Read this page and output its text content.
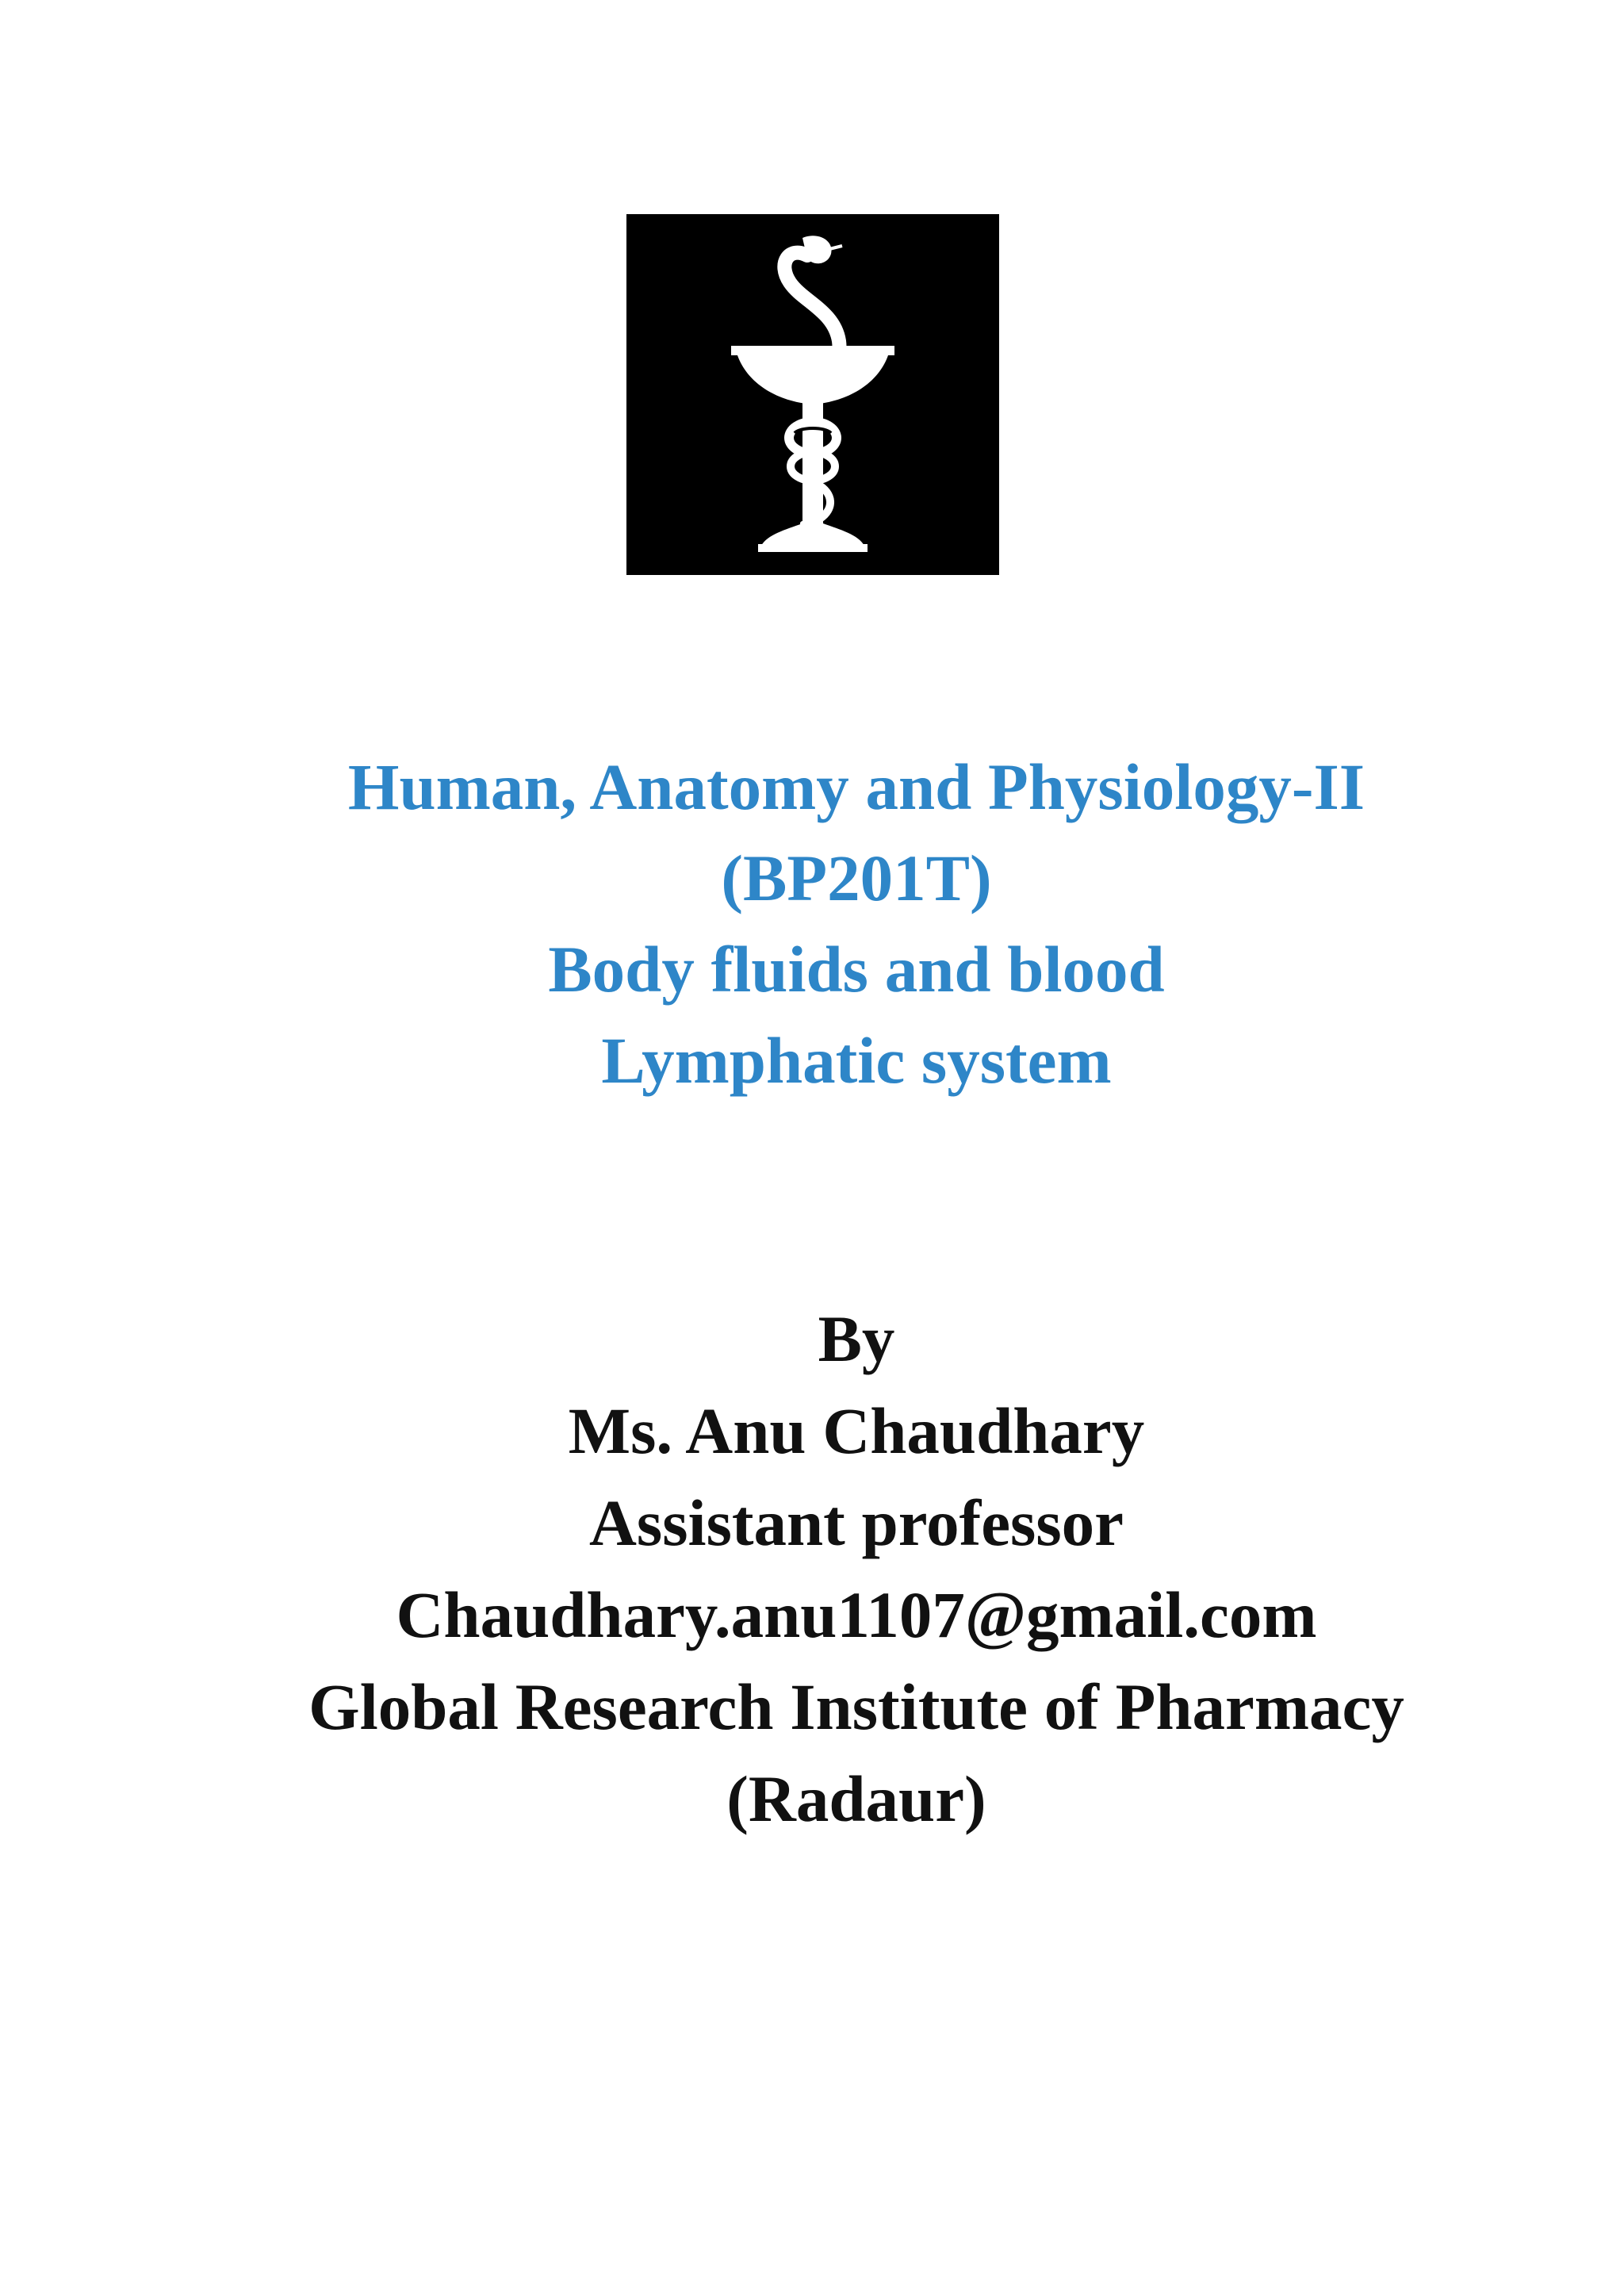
Human, Anatomy and Physiology-II
(BP201T)
Body fluids and blood
Lymphatic system
By
Ms. Anu Chaudhary
Assistant professor
Chaudhary.anu1107@gmail.com
Global Research Institute of Pharmacy
(Radaur)
